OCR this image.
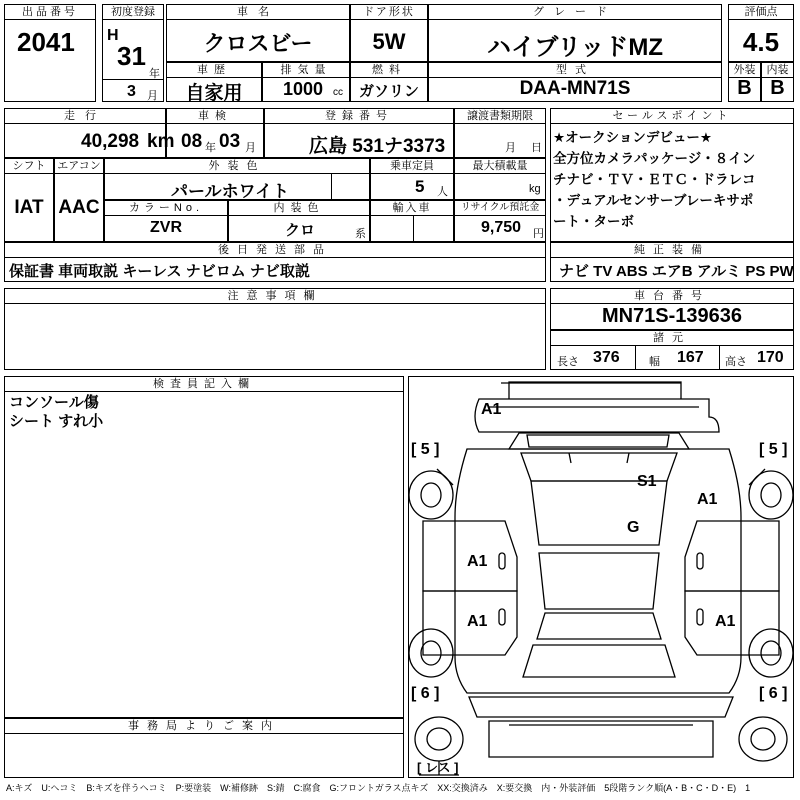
出品番号
2041
初度登録
H
31
年
3 月
車名
クロスビー
ドア形状
5W
グレード
ハイブリッドMZ
評価点
4.5
車歴
自家用
排気量
1000 cc
燃料
ガソリン
型式
DAA-MN71S
外装
B
内装
B
走行
40,298 km
車検
08 年 03 月
登録番号
広島 531ナ3373
譲渡書類期限
月 日
セールスポイント
★オークションデビュー★
全方位カメラパッケージ・８イン
チナビ・ＴＶ・ＥＴＣ・ドラレコ
・デュアルセンサーブレーキサポ
ート・ターボ
シフト
IAT
エアコン
AAC
外装色
パールホワイト
乗車定員
5 人
最大積載量
kg
カラーNo.
ZVR
内装色
クロ	系
輸入車	リサイクル預託金
9,750 円
後日発送部品
保証書 車両取説 キーレス ナビロム ナビ取説
純正装備
ナビ TV ABS エアB アルミ PS PW
注意事項欄	車台番号
MN71S-139636
諸元
長さ 376	幅 167 高さ 170
検査員記入欄
コンソール傷
シート すれ小
事務局よりご案内
A1
A1
S1
G
A1
A1	A1
[ 5 ]	[ 5 ]
[ 6 ]	[ 6 ]
[ レス ]
A:キズ　U:ヘコミ　B:キズを伴うヘコミ　P:要塗装　W:補修跡　S:錆　C:腐食　G:フロントガラス点キズ　XX:交換済み　X:要交換　内・外装評価　5段階ランク順(A・B・C・D・E)　1
